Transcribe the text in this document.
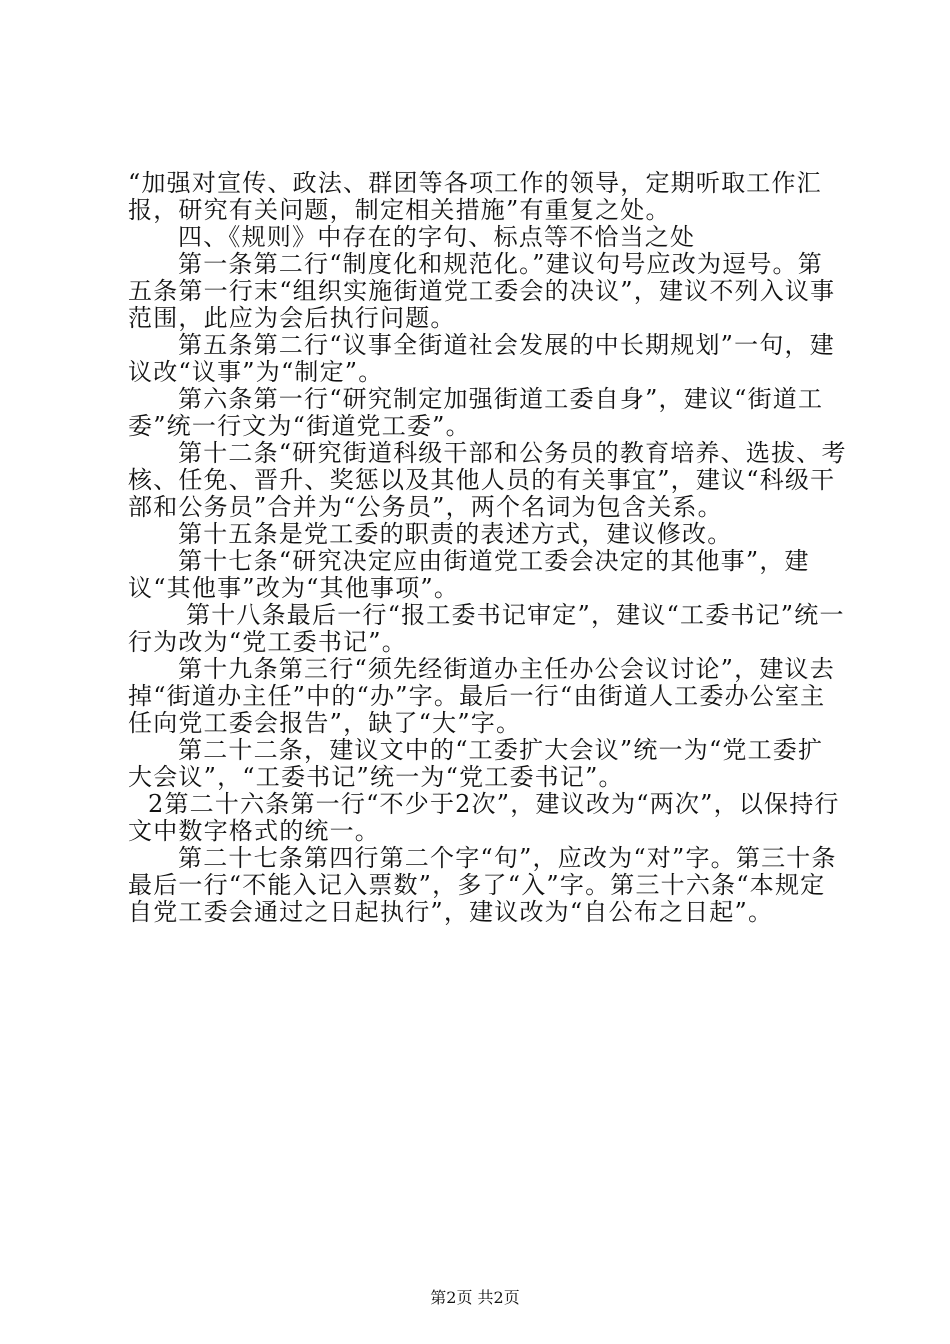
“加强对宣传、政法、群团等各项工作的领导，定期听取工作汇报，研究有关问题，制定相关措施”有重复之处。

四、《规则》中存在的字句、标点等不恰当之处

第一条第二行“制度化和规范化。”建议句号应改为逗号。第五条第一行末“组织实施街道党工委会的决议”，建议不列入议事范围，此应为会后执行问题。

第五条第二行“议事全街道社会发展的中长期规划”一句，建议改“议事”为“制定”。

第六条第一行“研究制定加强街道工委自身”，建议“街道工委”统一行文为“街道党工委”。

第十二条“研究街道科级干部和公务员的教育培养、选拔、考核、任免、晋升、奖惩以及其他人员的有关事宜”，建议“科级干部和公务员”合并为“公务员”，两个名词为包含关系。

第十五条是党工委的职责的表述方式，建议修改。

第十七条“研究决定应由街道党工委会决定的其他事”，建议“其他事”改为“其他事项”。

第十八条最后一行“报工委书记审定”，建议“工委书记”统一行为改为“党工委书记”。

第十九条第三行“须先经街道办主任办公会议讨论”，建议去掉“街道办主任”中的“办”字。最后一行“由街道人工委办公室主任向党工委会报告”，缺了“大”字。

第二十二条，建议文中的“工委扩大会议”统一为“党工委扩大会议”，“工委书记”统一为“党工委书记”。

2第二十六条第一行“不少于2次”，建议改为“两次”，以保持行文中数字格式的统一。

第二十七条第四行第二个字“句”，应改为“对”字。第三十条最后一行“不能入记入票数”，多了“入”字。第三十六条“本规定自党工委会通过之日起执行”，建议改为“自公布之日起”。

第2页 共2页
